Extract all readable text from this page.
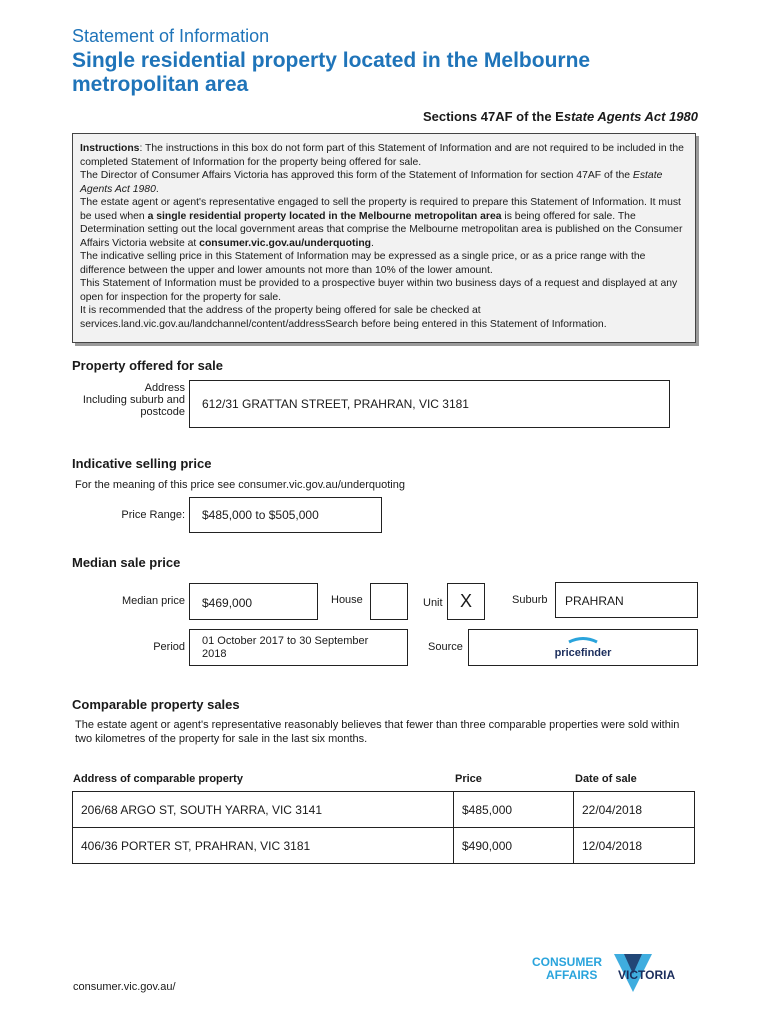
Statement of Information
Single residential property located in the Melbourne metropolitan area
Sections 47AF of the Estate Agents Act 1980

Instructions: The instructions in this box do not form part of this Statement of Information and are not required to be included in the completed Statement of Information for the property being offered for sale.

The Director of Consumer Affairs Victoria has approved this form of the Statement of Information for section 47AF of the Estate Agents Act 1980.

The estate agent or agent's representative engaged to sell the property is required to prepare this Statement of Information. It must be used when a single residential property located in the Melbourne metropolitan area is being offered for sale. The Determination setting out the local government areas that comprise the Melbourne metropolitan area is published on the Consumer Affairs Victoria website at consumer.vic.gov.au/underquoting.

The indicative selling price in this Statement of Information may be expressed as a single price, or as a price range with the difference between the upper and lower amounts not more than 10% of the lower amount.

This Statement of Information must be provided to a prospective buyer within two business days of a request and displayed at any open for inspection for the property for sale.

It is recommended that the address of the property being offered for sale be checked at services.land.vic.gov.au/landchannel/content/addressSearch before being entered in this Statement of Information.

Property offered for sale
Address
Including suburb and
postcode
612/31 GRATTAN STREET, PRAHRAN, VIC 3181
Indicative selling price
For the meaning of this price see consumer.vic.gov.au/underquoting
Price Range: $485,000 to $505,000
Median sale price
Median price $469,000	House	Unit X	Suburb PRAHRAN
Period 01 October 2017 to 30 September 2018
Source	pricefinder
Comparable property sales
The estate agent or agent's representative reasonably believes that fewer than three comparable properties were sold within two kilometres of the property for sale in the last six months.
Address of comparable property	Price	Date of sale
206/68 ARGO ST, SOUTH YARRA, VIC 3141	$485,000	22/04/2018
406/36 PORTER ST, PRAHRAN, VIC 3181	$490,000	12/04/2018
consumer.vic.gov.au/
CONSUMER
AFFAIRS VICTORIA
